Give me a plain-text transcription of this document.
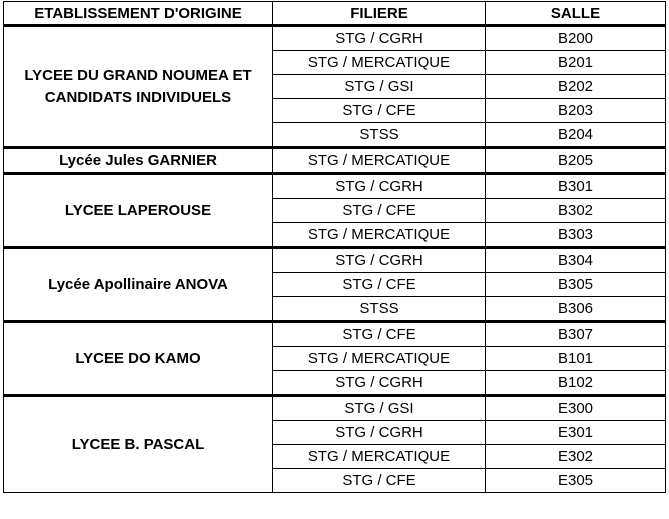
ETABLISSEMENT D'ORIGINE	FILIERE	SALLE
LYCEE DU GRAND NOUMEA ET CANDIDATS INDIVIDUELS	STG / CGRH	B200
	STG / MERCATIQUE	B201
	STG / GSI	B202
	STG / CFE	B203
	STSS	B204
Lycée Jules GARNIER	STG / MERCATIQUE	B205
LYCEE LAPEROUSE	STG / CGRH	B301
	STG / CFE	B302
	STG / MERCATIQUE	B303
Lycée Apollinaire ANOVA	STG / CGRH	B304
	STG / CFE	B305
	STSS	B306
LYCEE DO KAMO	STG / CFE	B307
	STG / MERCATIQUE	B101
	STG / CGRH	B102
LYCEE B. PASCAL	STG / GSI	E300
	STG / CGRH	E301
	STG / MERCATIQUE	E302
	STG / CFE	E305
